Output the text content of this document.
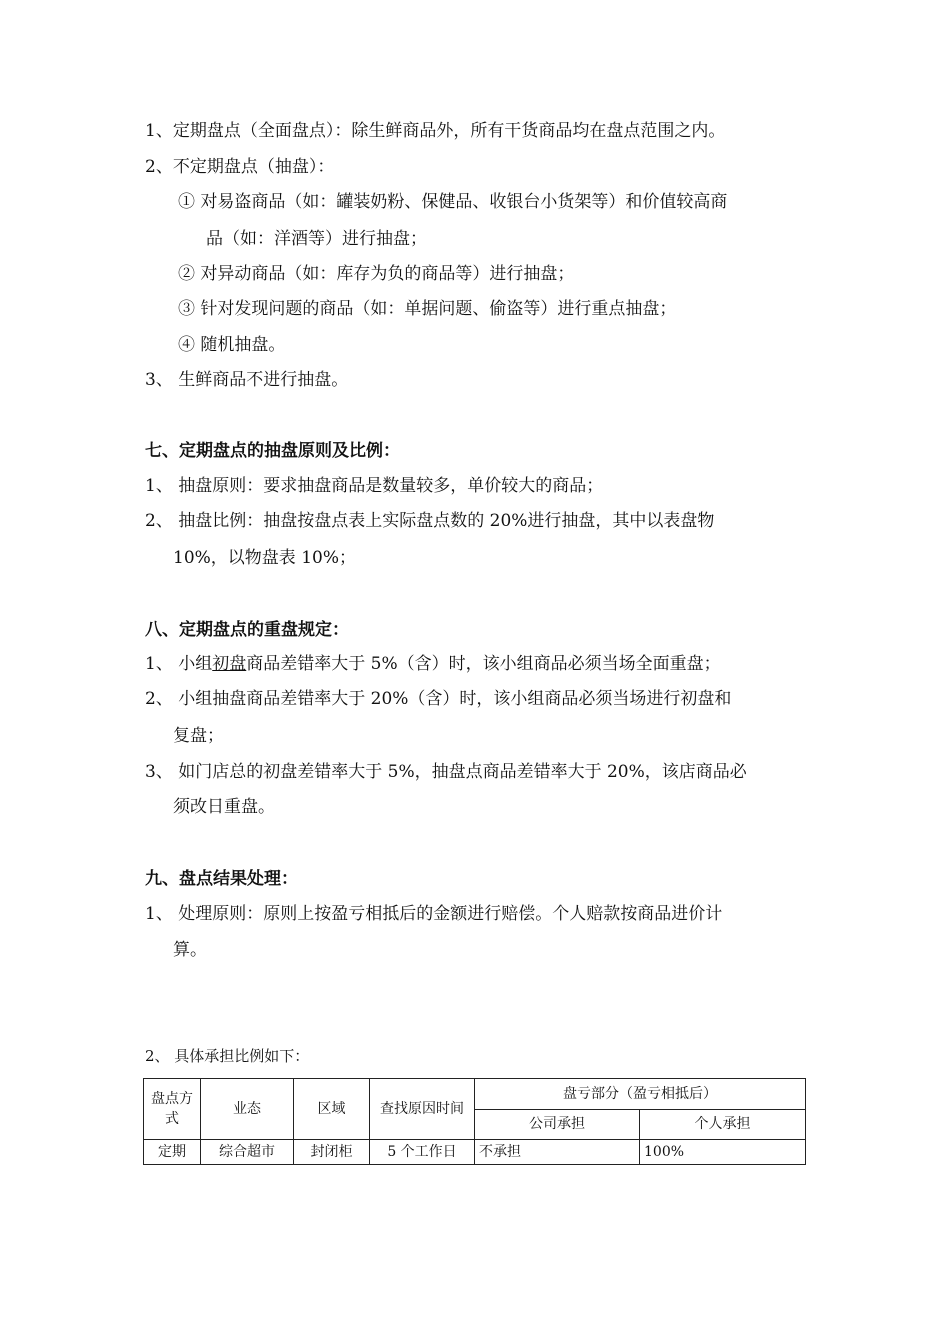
1、定期盘点（全面盘点）：除生鲜商品外，所有干货商品均在盘点范围之内。
2、不定期盘点（抽盘）：
① 对易盗商品（如：罐装奶粉、保健品、收银台小货架等）和价值较高商
品（如：洋酒等）进行抽盘；
② 对异动商品（如：库存为负的商品等）进行抽盘；
③ 针对发现问题的商品（如：单据问题、偷盗等）进行重点抽盘；
④ 随机抽盘。
3、 生鲜商品不进行抽盘。
七、定期盘点的抽盘原则及比例：
1、 抽盘原则：要求抽盘商品是数量较多，单价较大的商品；
2、 抽盘比例：抽盘按盘点表上实际盘点数的 20%进行抽盘，其中以表盘物
10%，以物盘表 10%；
八、定期盘点的重盘规定：
1、 小组初盘商品差错率大于 5%（含）时，该小组商品必须当场全面重盘；
2、 小组抽盘商品差错率大于 20%（含）时，该小组商品必须当场进行初盘和
复盘；
3、 如门店总的初盘差错率大于 5%，抽盘点商品差错率大于 20%，该店商品必
须改日重盘。
九、盘点结果处理：
1、 处理原则：原则上按盈亏相抵后的金额进行赔偿。个人赔款按商品进价计
算。
2、 具体承担比例如下：
盘点方式	业态	区域	查找原因时间	盘亏部分（盈亏相抵后）	
				公司承担	个人承担
定期	综合超市	封闭柜	5 个工作日	不承担	100%
